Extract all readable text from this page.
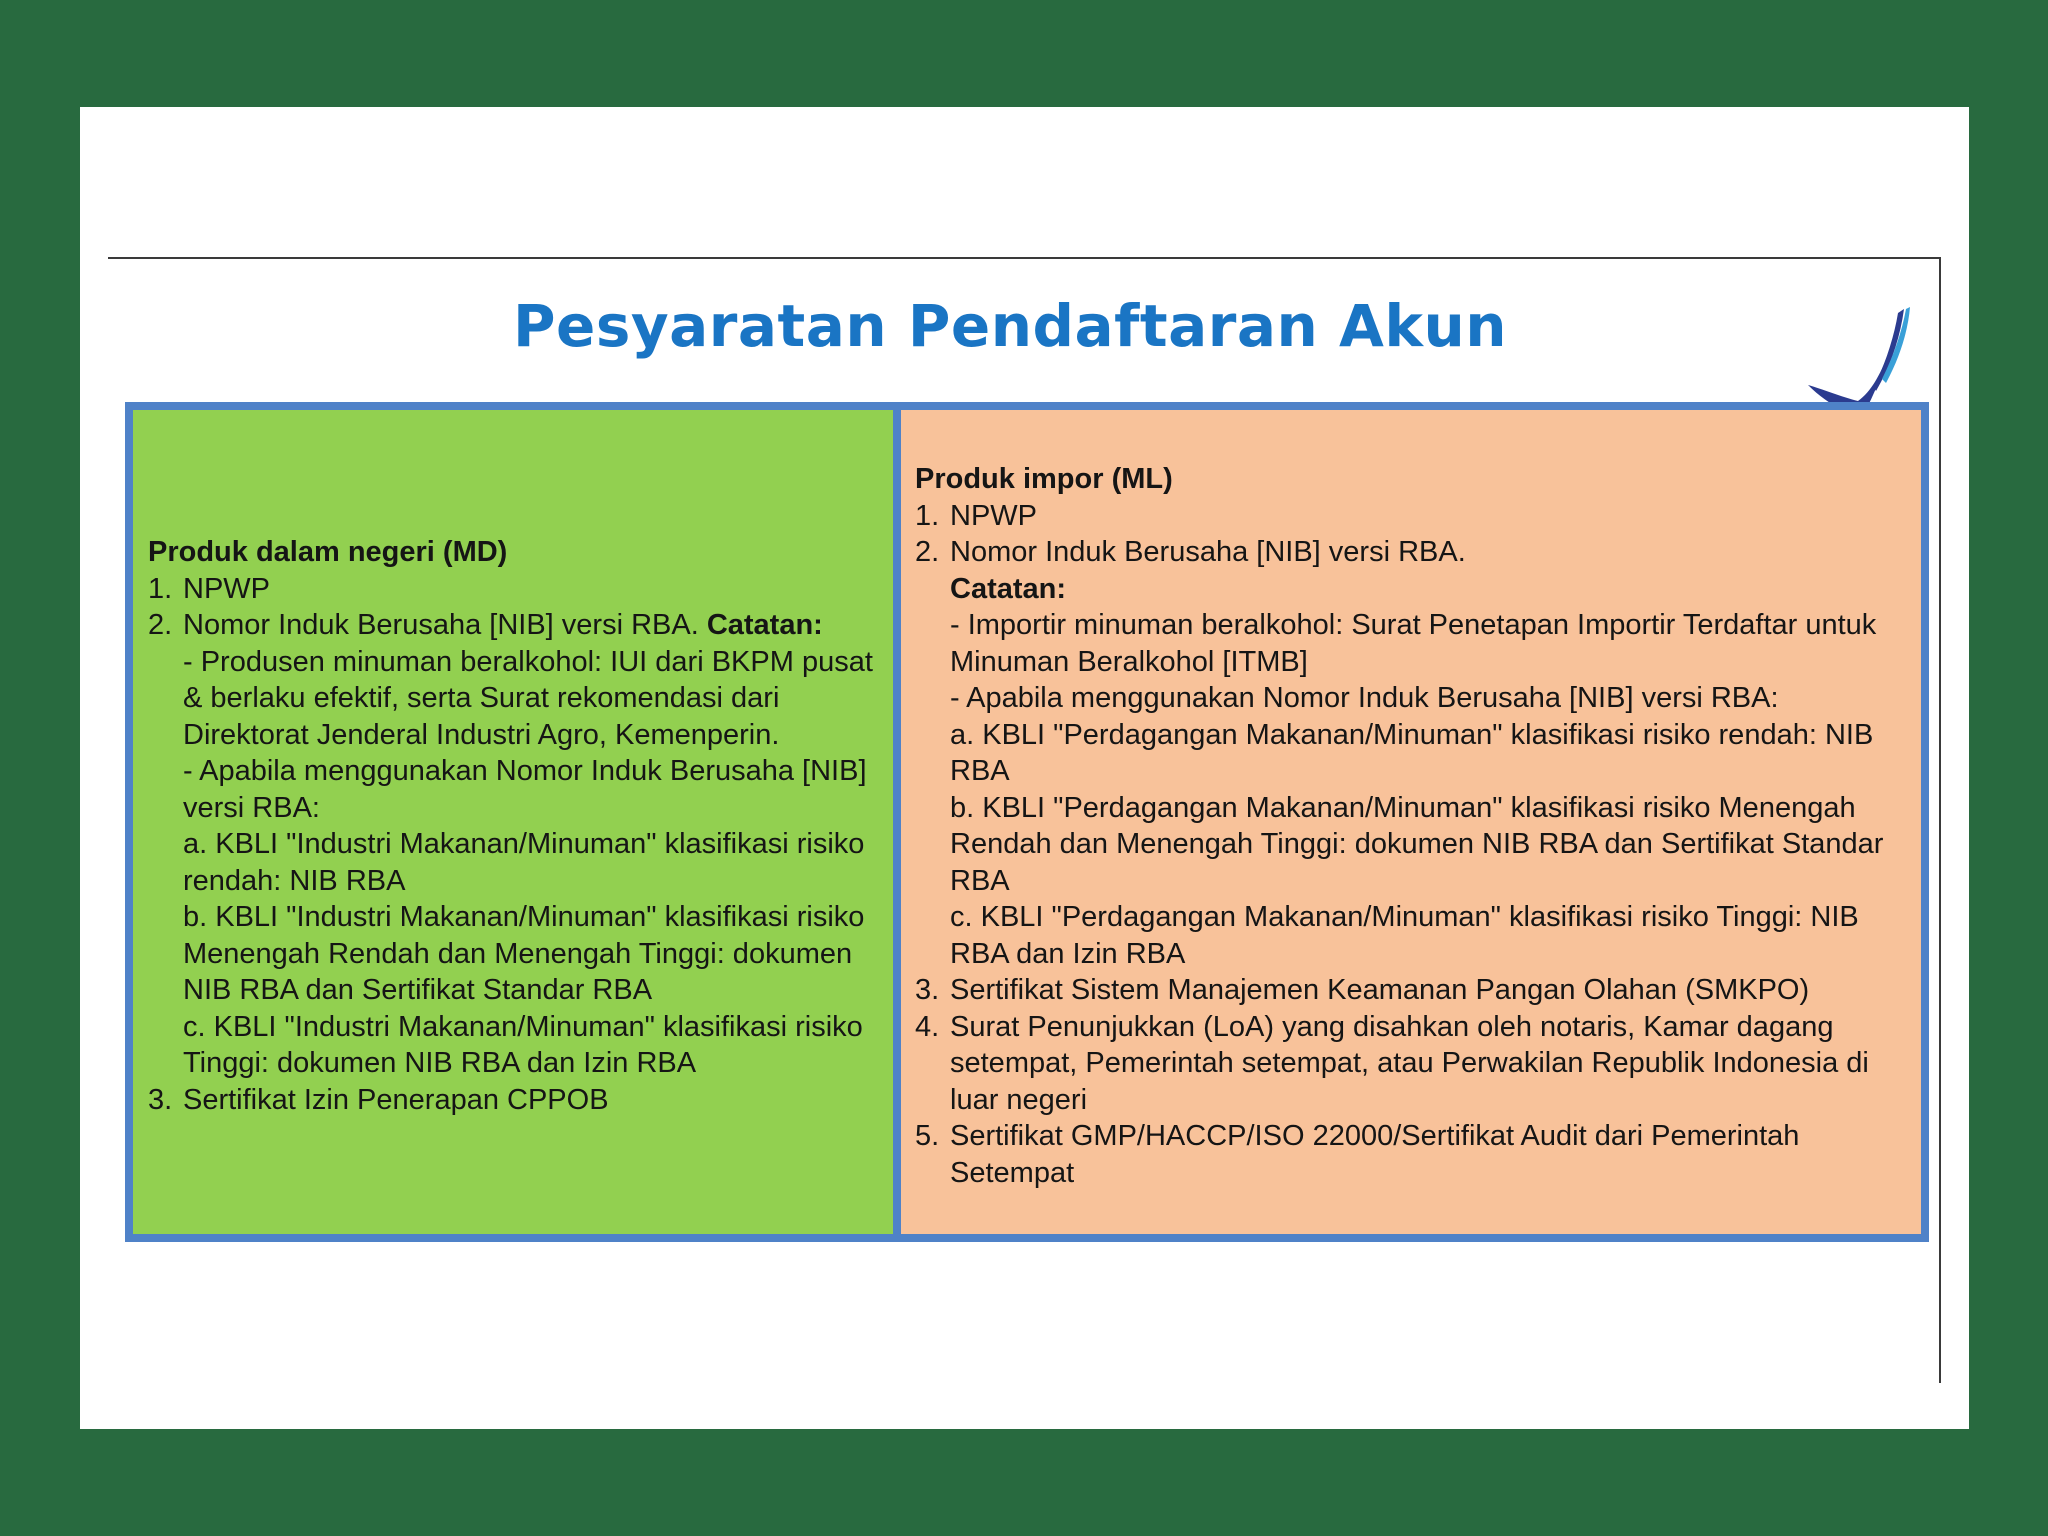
Pesyaratan Pendaftaran Akun
Produk dalam negeri (MD)
1. NPWP
2. Nomor Induk Berusaha [NIB] versi RBA. Catatan:
- Produsen minuman beralkohol: IUI dari BKPM pusat & berlaku efektif, serta Surat rekomendasi dari Direktorat Jenderal Industri Agro, Kemenperin.
- Apabila menggunakan Nomor Induk Berusaha [NIB] versi RBA:
a. KBLI "Industri Makanan/Minuman" klasifikasi risiko rendah: NIB RBA
b. KBLI "Industri Makanan/Minuman" klasifikasi risiko Menengah Rendah dan Menengah Tinggi: dokumen NIB RBA dan Sertifikat Standar RBA
c. KBLI "Industri Makanan/Minuman" klasifikasi risiko Tinggi: dokumen NIB RBA dan Izin RBA
3. Sertifikat Izin Penerapan CPPOB
Produk impor (ML)
1. NPWP
2. Nomor Induk Berusaha [NIB] versi RBA.
Catatan:
- Importir minuman beralkohol: Surat Penetapan Importir Terdaftar untuk Minuman Beralkohol [ITMB]
- Apabila menggunakan Nomor Induk Berusaha [NIB] versi RBA:
a. KBLI "Perdagangan Makanan/Minuman" klasifikasi risiko rendah: NIB RBA
b. KBLI "Perdagangan Makanan/Minuman" klasifikasi risiko Menengah Rendah dan Menengah Tinggi: dokumen NIB RBA dan Sertifikat Standar RBA
c. KBLI "Perdagangan Makanan/Minuman" klasifikasi risiko Tinggi: NIB RBA dan Izin RBA
3. Sertifikat Sistem Manajemen Keamanan Pangan Olahan (SMKPO)
4. Surat Penunjukkan (LoA) yang disahkan oleh notaris, Kamar dagang setempat, Pemerintah setempat, atau Perwakilan Republik Indonesia di luar negeri
5. Sertifikat GMP/HACCP/ISO 22000/Sertifikat Audit dari Pemerintah Setempat
